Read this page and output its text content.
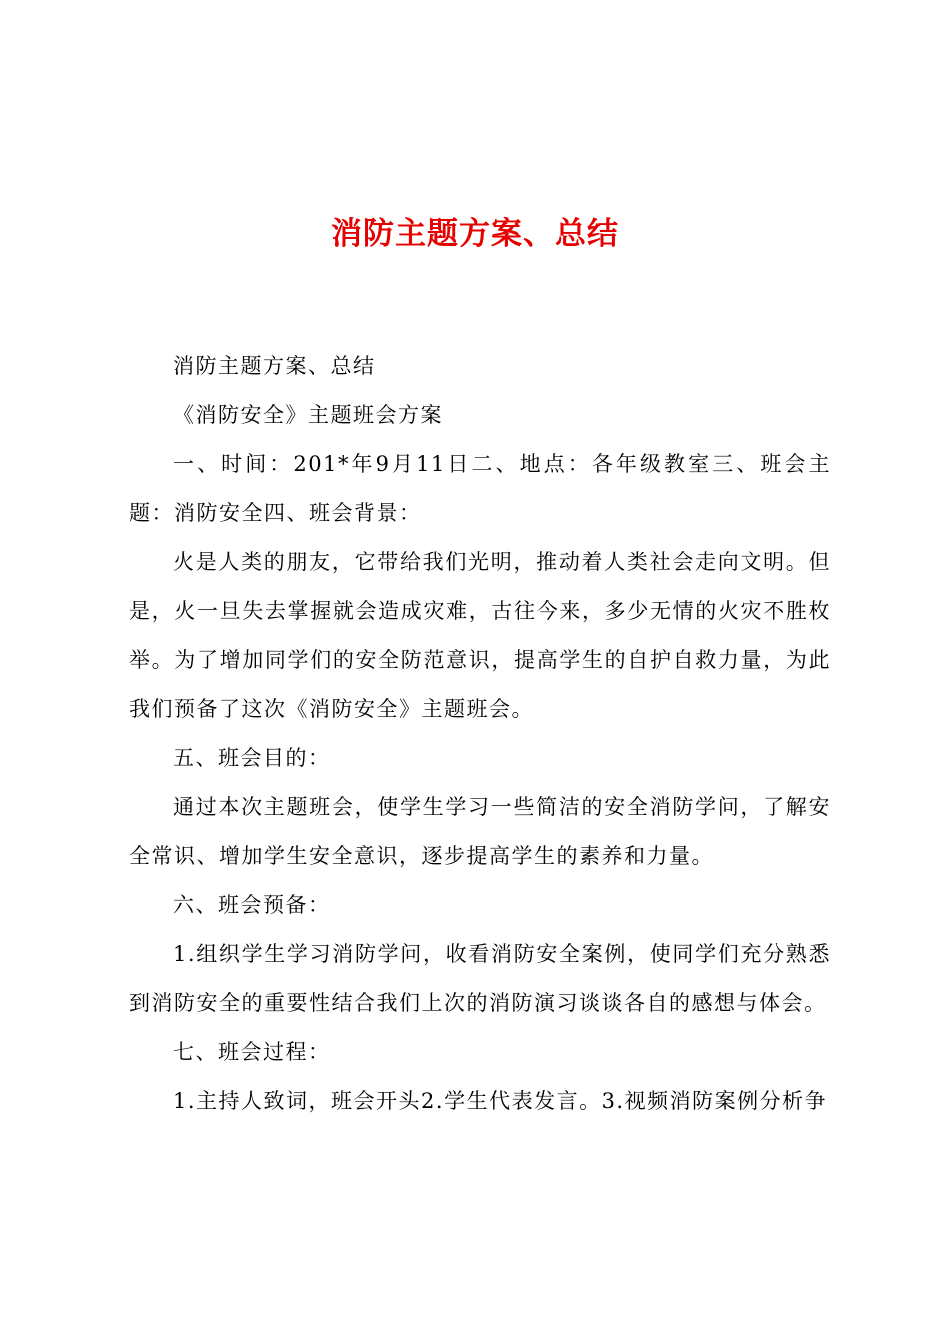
消防主题方案、总结

消防主题方案、总结

《消防安全》主题班会方案

一、时间：201*年9月11日二、地点：各年级教室三、班会主题：消防安全四、班会背景：

火是人类的朋友，它带给我们光明，推动着人类社会走向文明。但是，火一旦失去掌握就会造成灾难，古往今来，多少无情的火灾不胜枚举。为了增加同学们的安全防范意识，提高学生的自护自救力量，为此我们预备了这次《消防安全》主题班会。

五、班会目的：

通过本次主题班会，使学生学习一些简洁的安全消防学问，了解安全常识、增加学生安全意识，逐步提高学生的素养和力量。

六、班会预备：

1.组织学生学习消防学问，收看消防安全案例，使同学们充分熟悉到消防安全的重要性结合我们上次的消防演习谈谈各自的感想与体会。

七、班会过程：

1.主持人致词，班会开头2.学生代表发言。3.视频消防案例分析争
